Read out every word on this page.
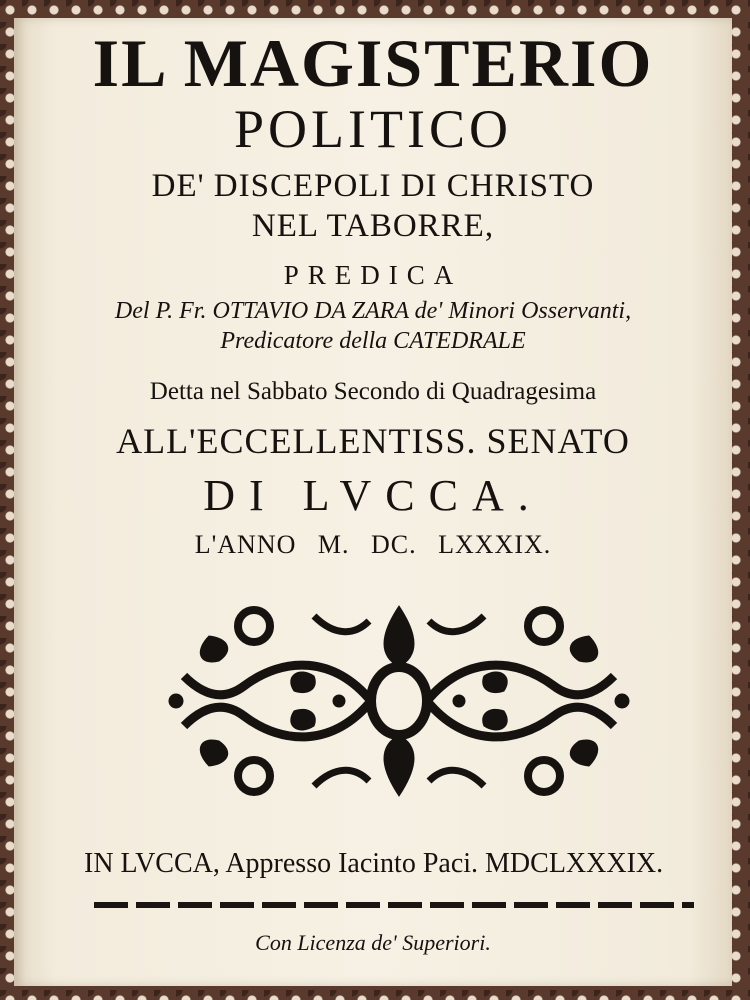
IL MAGISTERIO
POLITICO
DE' DISCEPOLI DI CHRISTO
NEL TABORRE,
PREDICA
Del P. Fr. OTTAVIO DA ZARA de' Minori Osservanti,
Predicatore della CATEDRALE
Detta nel Sabbato Secondo di Quadragesima
ALL'ECCELLENTISS. SENATO
DI LVCCA.
L'ANNO M. DC. LXXXIX.
IN LVCCA, Appresso Iacinto Paci. MDCLXXXIX.
Con Licenza de' Superiori.
